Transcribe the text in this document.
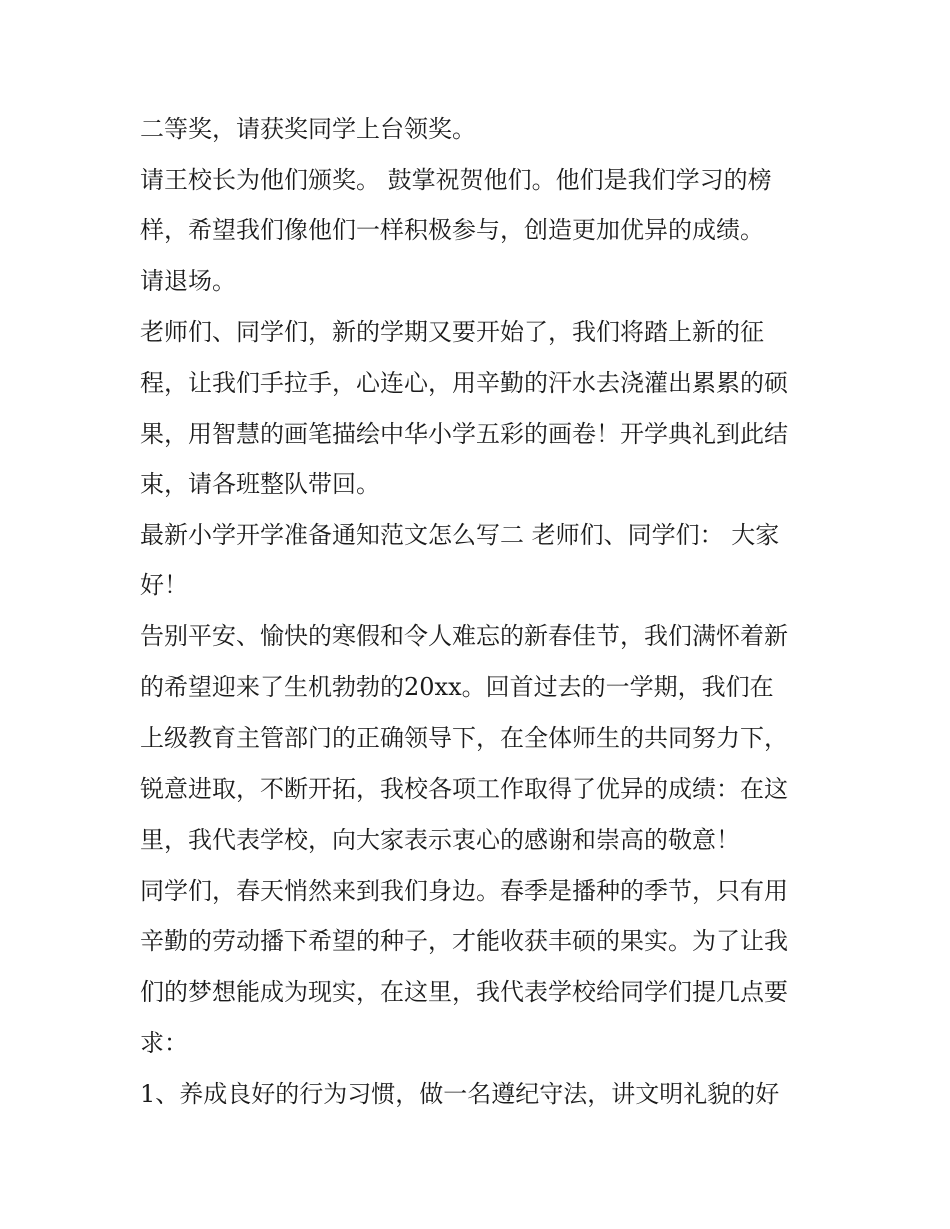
二等奖，请获奖同学上台领奖。
请王校长为他们颁奖。 鼓掌祝贺他们。他们是我们学习的榜
样，希望我们像他们一样积极参与，创造更加优异的成绩。
请退场。
老师们、同学们，新的学期又要开始了，我们将踏上新的征
程，让我们手拉手，心连心，用辛勤的汗水去浇灌出累累的硕
果，用智慧的画笔描绘中华小学五彩的画卷！开学典礼到此结
束，请各班整队带回。
最新小学开学准备通知范文怎么写二 老师们、同学们： 大家
好！
告别平安、愉快的寒假和令人难忘的新春佳节，我们满怀着新
的希望迎来了生机勃勃的20xx。回首过去的一学期，我们在
上级教育主管部门的正确领导下，在全体师生的共同努力下，
锐意进取，不断开拓，我校各项工作取得了优异的成绩：在这
里，我代表学校，向大家表示衷心的感谢和崇高的敬意！
同学们，春天悄然来到我们身边。春季是播种的季节，只有用
辛勤的劳动播下希望的种子，才能收获丰硕的果实。为了让我
们的梦想能成为现实，在这里，我代表学校给同学们提几点要
求：
1、养成良好的行为习惯，做一名遵纪守法，讲文明礼貌的好
